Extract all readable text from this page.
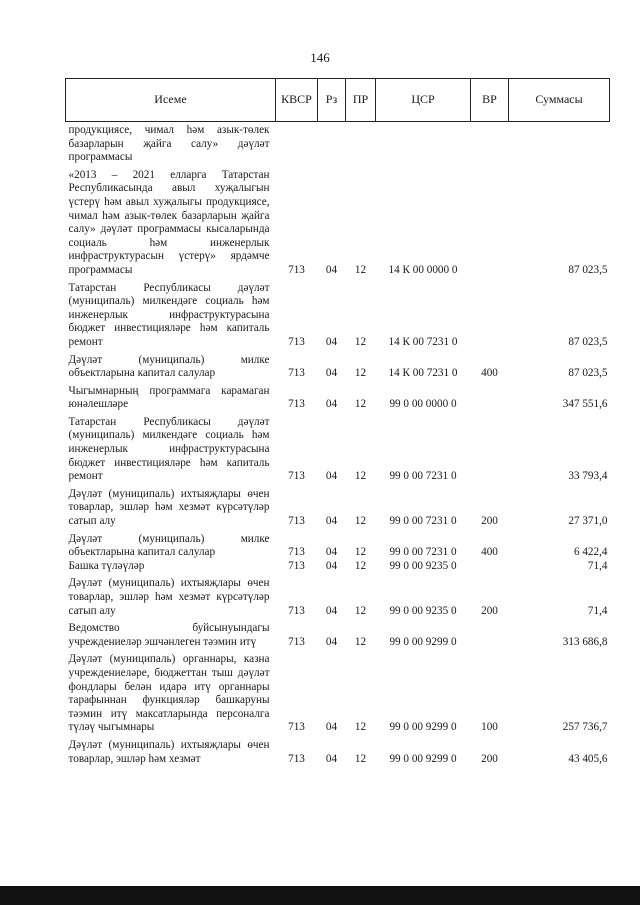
146
Исеме	КВСР	Рз	ПР	ЦСР	ВР	Суммасы
продукциясе, чимал һәм азык-төлек базарларын җайга салу» дәүләт программасы						
«2013 – 2021 елларга Татарстан Республикасында авыл хуҗалыгын үстерү һәм авыл хуҗалыгы продукциясе, чимал һәм азык-төлек базарларын җайга салу» дәүләт программасы кысаларында социаль һәм инженерлык инфраструктурасын үстерү» ярдәмче программасы	713	04	12	14 К 00 0000 0		87 023,5
Татарстан Республикасы дәүләт (муниципаль) милкендәге социаль һәм инженерлык инфраструктурасына бюджет инвестицияләре һәм капиталь ремонт	713	04	12	14 К 00 7231 0		87 023,5
Дәүләт (муниципаль) милке объектларына капитал салулар	713	04	12	14 К 00 7231 0	400	87 023,5
Чыгымнарның программага карамаган юнәлешләре	713	04	12	99 0 00 0000 0		347 551,6
Татарстан Республикасы дәүләт (муниципаль) милкендәге социаль һәм инженерлык инфраструктурасына бюджет инвестицияләре һәм капиталь ремонт	713	04	12	99 0 00 7231 0		33 793,4
Дәүләт (муниципаль) ихтыяҗлары өчен товарлар, эшләр һәм хезмәт күрсәтүләр сатып алу	713	04	12	99 0 00 7231 0	200	27 371,0
Дәүләт (муниципаль) милке объектларына капитал салулар	713	04	12	99 0 00 7231 0	400	6 422,4
Башка түләүләр	713	04	12	99 0 00 9235 0		71,4
Дәүләт (муниципаль) ихтыяҗлары өчен товарлар, эшләр һәм хезмәт күрсәтүләр сатып алу	713	04	12	99 0 00 9235 0	200	71,4
Ведомство буйсынуындагы учреждениеләр эшчәнлеген тәэмин итү	713	04	12	99 0 00 9299 0		313 686,8
Дәүләт (муниципаль) органнары, казна учреждениеләре, бюджеттан тыш дәүләт фондлары белән идарә итү органнары тарафыннан функцияләр башкаруны тәэмин итү максатларында персоналга түләү чыгымнары	713	04	12	99 0 00 9299 0	100	257 736,7
Дәүләт (муниципаль) ихтыяҗлары өчен товарлар, эшләр һәм хезмәт	713	04	12	99 0 00 9299 0	200	43 405,6
